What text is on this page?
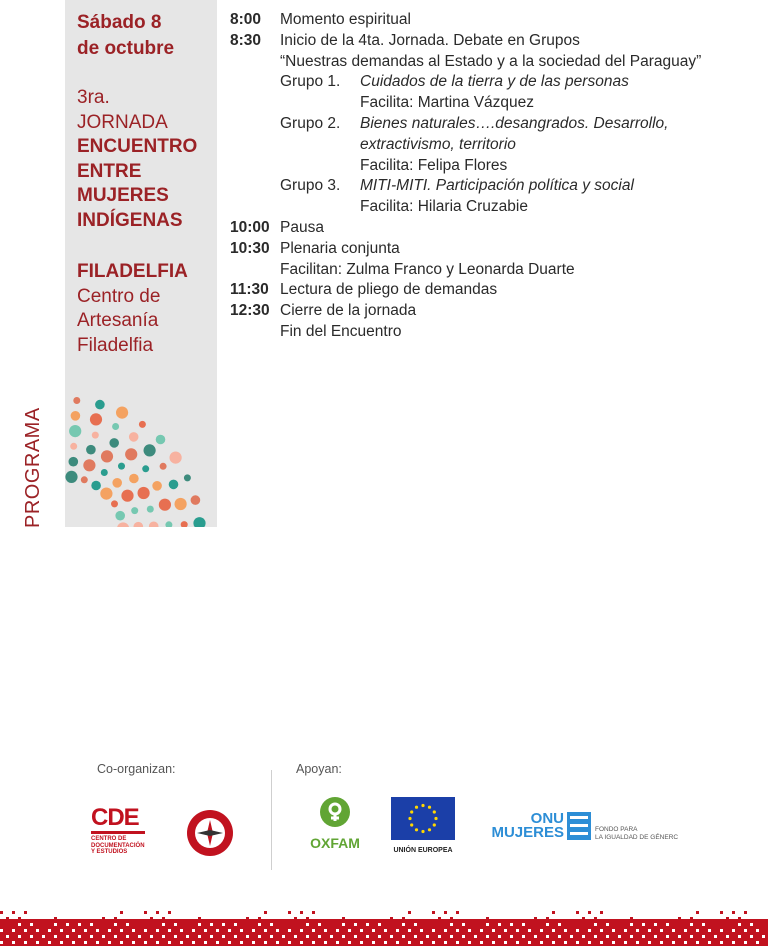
Sábado 8
de octubre
3ra.
JORNADA
ENCUENTRO
ENTRE
MUJERES
INDÍGENAS
FILADELFIA
Centro de
Artesanía
Filadelfia
PROGRAMA
8:00	Momento espiritual
8:30	Inicio de la 4ta. Jornada. Debate en Grupos
“Nuestras demandas al Estado y a la sociedad del Paraguay”
Grupo 1. Cuidados de la tierra y de las personas
Facilita: Martina Vázquez
Grupo 2. Bienes naturales….desangrados. Desarrollo,
extractivismo, territorio
Facilita: Felipa Flores
Grupo 3. MITI-MITI. Participación política y social
Facilita: Hilaria Cruzabie
10:00 Pausa
10:30 Plenaria conjunta
Facilitan: Zulma Franco y Leonarda Duarte
11:30 Lectura de pliego de demandas
12:30 Cierre de la jornada
Fin del Encuentro
Co-organizan:	Apoyan:
CDE
CENTRO DE
DOCUMENTACIÓN
Y ESTUDIOS
OXFAM	UNIÓN EUROPEA
ONU
MUJERES	FONDO PARA
LA IGUALDAD DE GÉNERC
